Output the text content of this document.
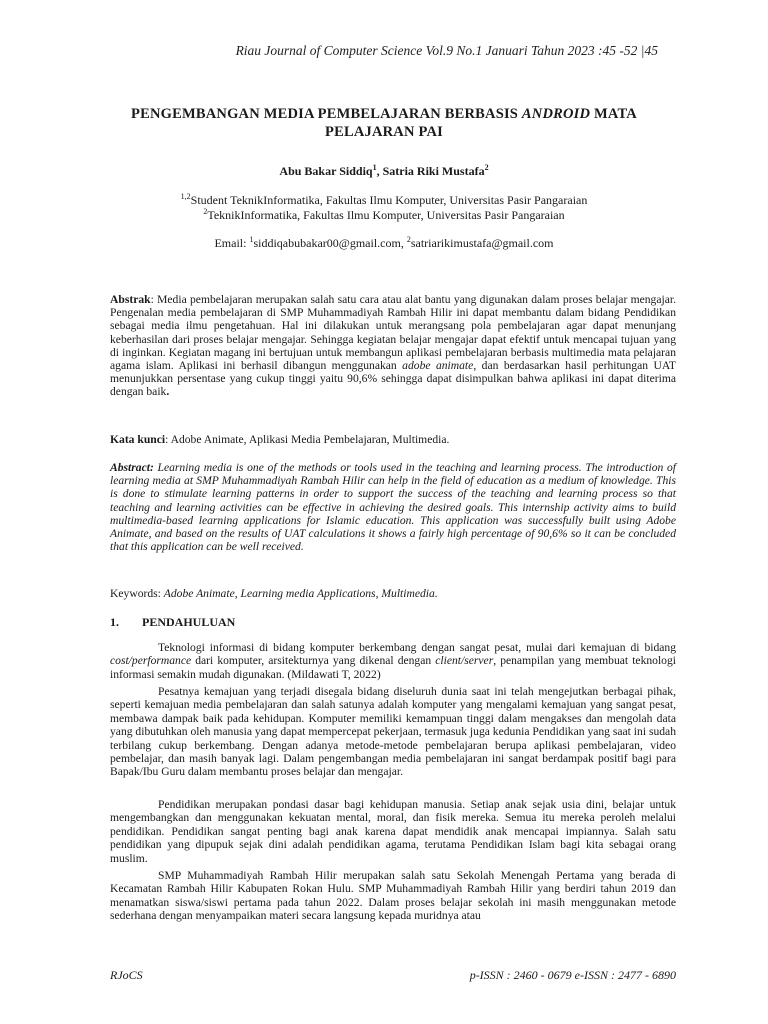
Riau Journal of Computer Science Vol.9 No.1 Januari Tahun 2023 :45 -52 |45
PENGEMBANGAN MEDIA PEMBELAJARAN BERBASIS ANDROID MATA
PELAJARAN PAI
Abu Bakar Siddiq$^1$, Satria Riki Mustafa$^2$
$^{1,2}$Student TeknikInformatika, Fakultas Ilmu Komputer, Universitas Pasir Pangaraian
$^2$TeknikInformatika, Fakultas Ilmu Komputer, Universitas Pasir Pangaraian
Email: $^1$siddiqabubakar00@gmail.com, $^2$satriarikimustafa@gmail.com
Abstrak: Media pembelajaran merupakan salah satu cara atau alat bantu yang digunakan dalam proses belajar mengajar. Pengenalan media pembelajaran di SMP Muhammadiyah Rambah Hilir ini dapat membantu dalam bidang Pendidikan sebagai media ilmu pengetahuan. Hal ini dilakukan untuk merangsang pola pembelajaran agar dapat menunjang keberhasilan dari proses belajar mengajar. Sehingga kegiatan belajar mengajar dapat efektif untuk mencapai tujuan yang di inginkan. Kegiatan magang ini bertujuan untuk membangun aplikasi pembelajaran berbasis multimedia mata pelajaran agama islam. Aplikasi ini berhasil dibangun menggunakan adobe animate, dan berdasarkan hasil perhitungan UAT menunjukkan persentase yang cukup tinggi yaitu 90,6% sehingga dapat disimpulkan bahwa aplikasi ini dapat diterima dengan baik.
Kata kunci: Adobe Animate, Aplikasi Media Pembelajaran, Multimedia.
Abstract: Learning media is one of the methods or tools used in the teaching and learning process. The introduction of learning media at SMP Muhammadiyah Rambah Hilir can help in the field of education as a medium of knowledge. This is done to stimulate learning patterns in order to support the success of the teaching and learning process so that teaching and learning activities can be effective in achieving the desired goals. This internship activity aims to build multimedia-based learning applications for Islamic education. This application was successfully built using Adobe Animate, and based on the results of UAT calculations it shows a fairly high percentage of 90,6% so it can be concluded that this application can be well received.
Keywords: Adobe Animate, Learning media Applications, Multimedia.
1. PENDAHULUAN

Teknologi informasi di bidang komputer berkembang dengan sangat pesat, mulai dari kemajuan di bidang cost/performance dari komputer, arsitekturnya yang dikenal dengan client/server, penampilan yang membuat teknologi informasi semakin mudah digunakan. (Mildawati T, 2022)

Pesatnya kemajuan yang terjadi disegala bidang diseluruh dunia saat ini telah mengejutkan berbagai pihak, seperti kemajuan media pembelajaran dan salah satunya adalah komputer yang mengalami kemajuan yang sangat pesat, membawa dampak baik pada kehidupan. Komputer memiliki kemampuan tinggi dalam mengakses dan mengolah data yang dibutuhkan oleh manusia yang dapat mempercepat pekerjaan, termasuk juga kedunia Pendidikan yang saat ini sudah terbilang cukup berkembang. Dengan adanya metode-metode pembelajaran berupa aplikasi pembelajaran, video pembelajar, dan masih banyak lagi. Dalam pengembangan media pembelajaran ini sangat berdampak positif bagi para Bapak/Ibu Guru dalam membantu proses belajar dan mengajar.

Pendidikan merupakan pondasi dasar bagi kehidupan manusia. Setiap anak sejak usia dini, belajar untuk mengembangkan dan menggunakan kekuatan mental, moral, dan fisik mereka. Semua itu mereka peroleh melalui pendidikan. Pendidikan sangat penting bagi anak karena dapat mendidik anak mencapai impiannya. Salah satu pendidikan yang dipupuk sejak dini adalah pendidikan agama, terutama Pendidikan Islam bagi kita sebagai orang muslim.

SMP Muhammadiyah Rambah Hilir merupakan salah satu Sekolah Menengah Pertama yang berada di Kecamatan Rambah Hilir Kabupaten Rokan Hulu. SMP Muhammadiyah Rambah Hilir yang berdiri tahun 2019 dan menamatkan siswa/siswi pertama pada tahun 2022. Dalam proses belajar sekolah ini masih menggunakan metode sederhana dengan menyampaikan materi secara langsung kepada muridnya atau

RJoCS	p-ISSN : 2460 - 0679 e-ISSN : 2477 - 6890
